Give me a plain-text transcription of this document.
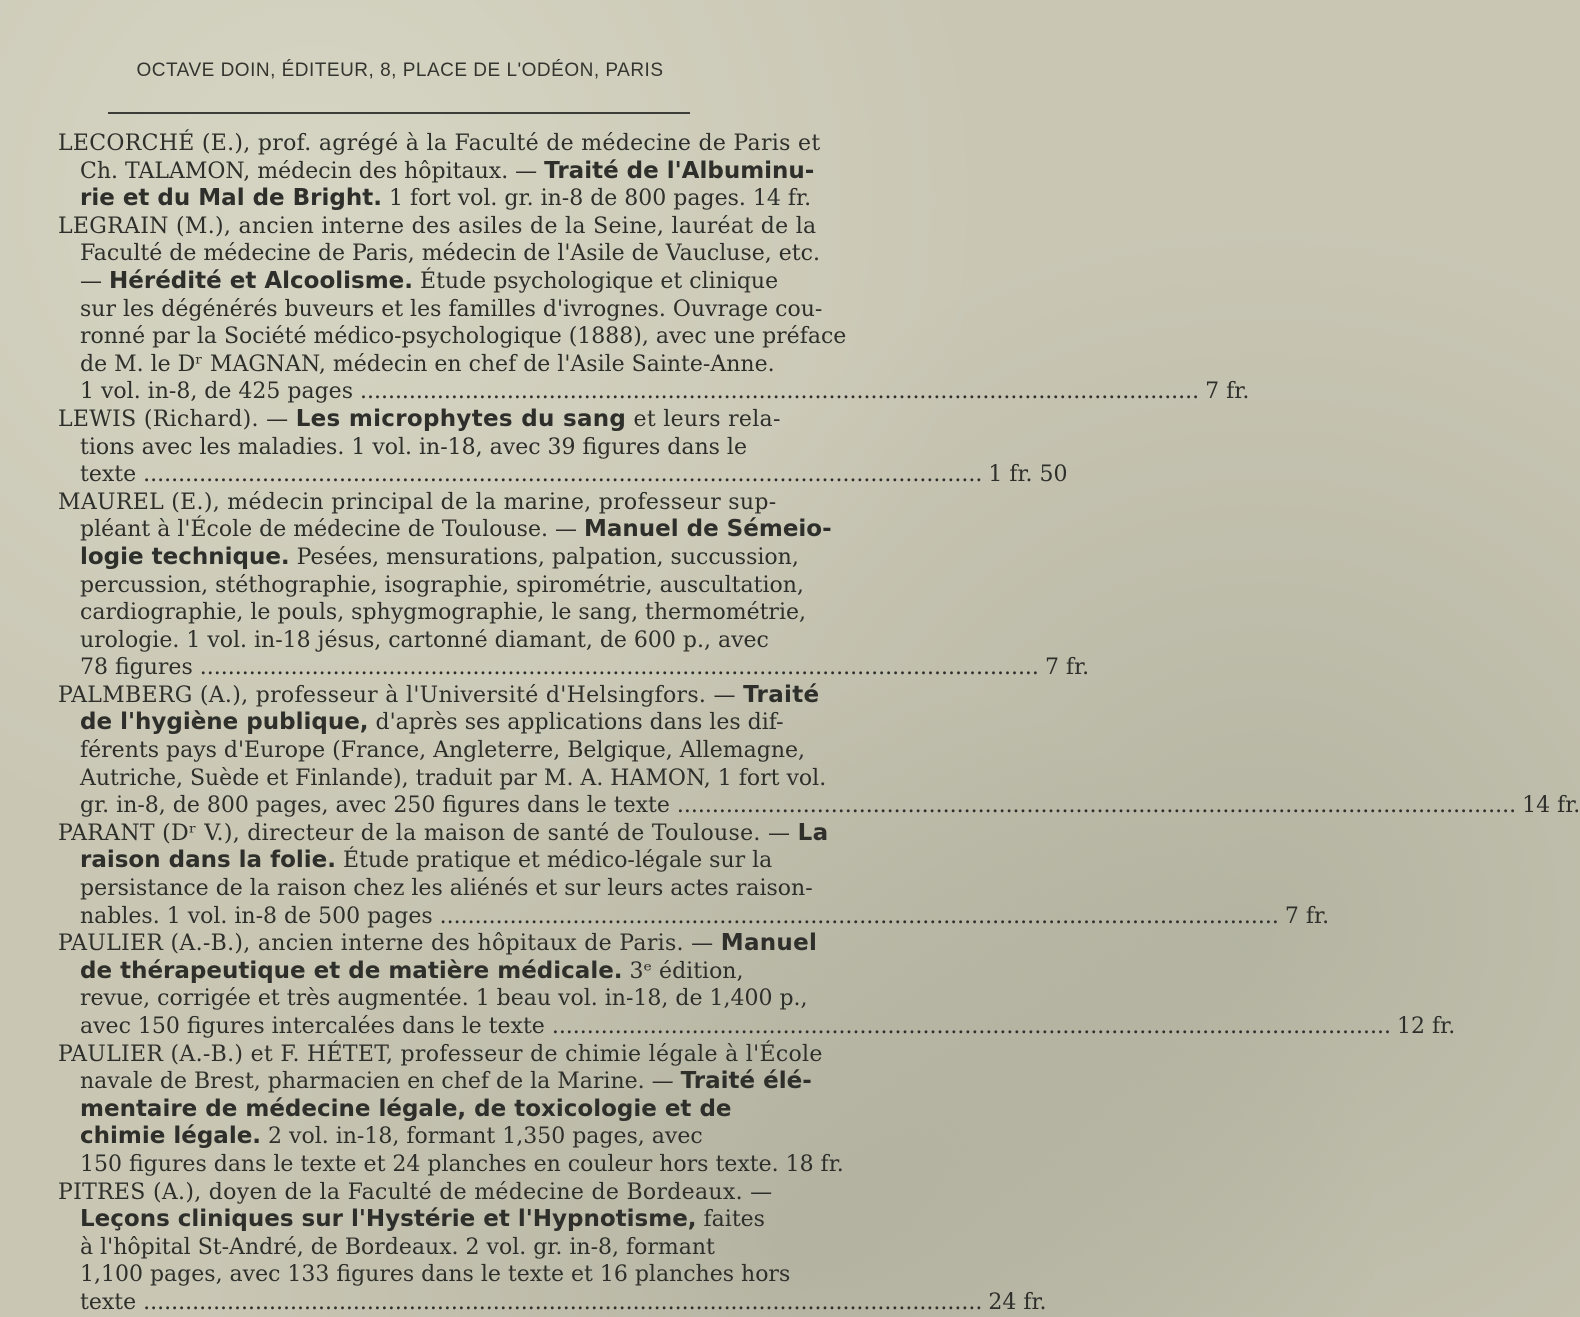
OCTAVE DOIN, ÉDITEUR, 8, PLACE DE L'ODÉON, PARIS
LECORCHÉ (E.), prof. agrégé à la Faculté de médecine de Paris et
Ch. TALAMON, médecin des hôpitaux. — Traité de l'Albuminu-
rie et du Mal de Bright. 1 fort vol. gr. in-8 de 800 pages. 14 fr.
LEGRAIN (M.), ancien interne des asiles de la Seine, lauréat de la
Faculté de médecine de Paris, médecin de l'Asile de Vaucluse, etc.
— Hérédité et Alcoolisme. Étude psychologique et clinique
sur les dégénérés buveurs et les familles d'ivrognes. Ouvrage cou-
ronné par la Société médico-psychologique (1888), avec une préface
de M. le Dʳ MAGNAN, médecin en chef de l'Asile Sainte-Anne.
1 vol. in-8, de 425 pages ........................................................................................................................ 7 fr.
LEWIS (Richard). — Les microphytes du sang et leurs rela-
tions avec les maladies. 1 vol. in-18, avec 39 figures dans le
texte ........................................................................................................................ 1 fr. 50
MAUREL (E.), médecin principal de la marine, professeur sup-
pléant à l'École de médecine de Toulouse. — Manuel de Sémeio-
logie technique. Pesées, mensurations, palpation, succussion,
percussion, stéthographie, isographie, spirométrie, auscultation,
cardiographie, le pouls, sphygmographie, le sang, thermométrie,
urologie. 1 vol. in-18 jésus, cartonné diamant, de 600 p., avec
78 figures ........................................................................................................................ 7 fr.
PALMBERG (A.), professeur à l'Université d'Helsingfors. — Traité
de l'hygiène publique, d'après ses applications dans les dif-
férents pays d'Europe (France, Angleterre, Belgique, Allemagne,
Autriche, Suède et Finlande), traduit par M. A. HAMON, 1 fort vol.
gr. in-8, de 800 pages, avec 250 figures dans le texte ........................................................................................................................ 14 fr.
PARANT (Dʳ V.), directeur de la maison de santé de Toulouse. — La
raison dans la folie. Étude pratique et médico-légale sur la
persistance de la raison chez les aliénés et sur leurs actes raison-
nables. 1 vol. in-8 de 500 pages ........................................................................................................................ 7 fr.
PAULIER (A.-B.), ancien interne des hôpitaux de Paris. — Manuel
de thérapeutique et de matière médicale. 3ᵉ édition,
revue, corrigée et très augmentée. 1 beau vol. in-18, de 1,400 p.,
avec 150 figures intercalées dans le texte ........................................................................................................................ 12 fr.
PAULIER (A.-B.) et F. HÉTET, professeur de chimie légale à l'École
navale de Brest, pharmacien en chef de la Marine. — Traité élé-
mentaire de médecine légale, de toxicologie et de
chimie légale. 2 vol. in-18, formant 1,350 pages, avec
150 figures dans le texte et 24 planches en couleur hors texte. 18 fr.
PITRES (A.), doyen de la Faculté de médecine de Bordeaux. —
Leçons cliniques sur l'Hystérie et l'Hypnotisme, faites
à l'hôpital St-André, de Bordeaux. 2 vol. gr. in-8, formant
1,100 pages, avec 133 figures dans le texte et 16 planches hors
texte ........................................................................................................................ 24 fr.
